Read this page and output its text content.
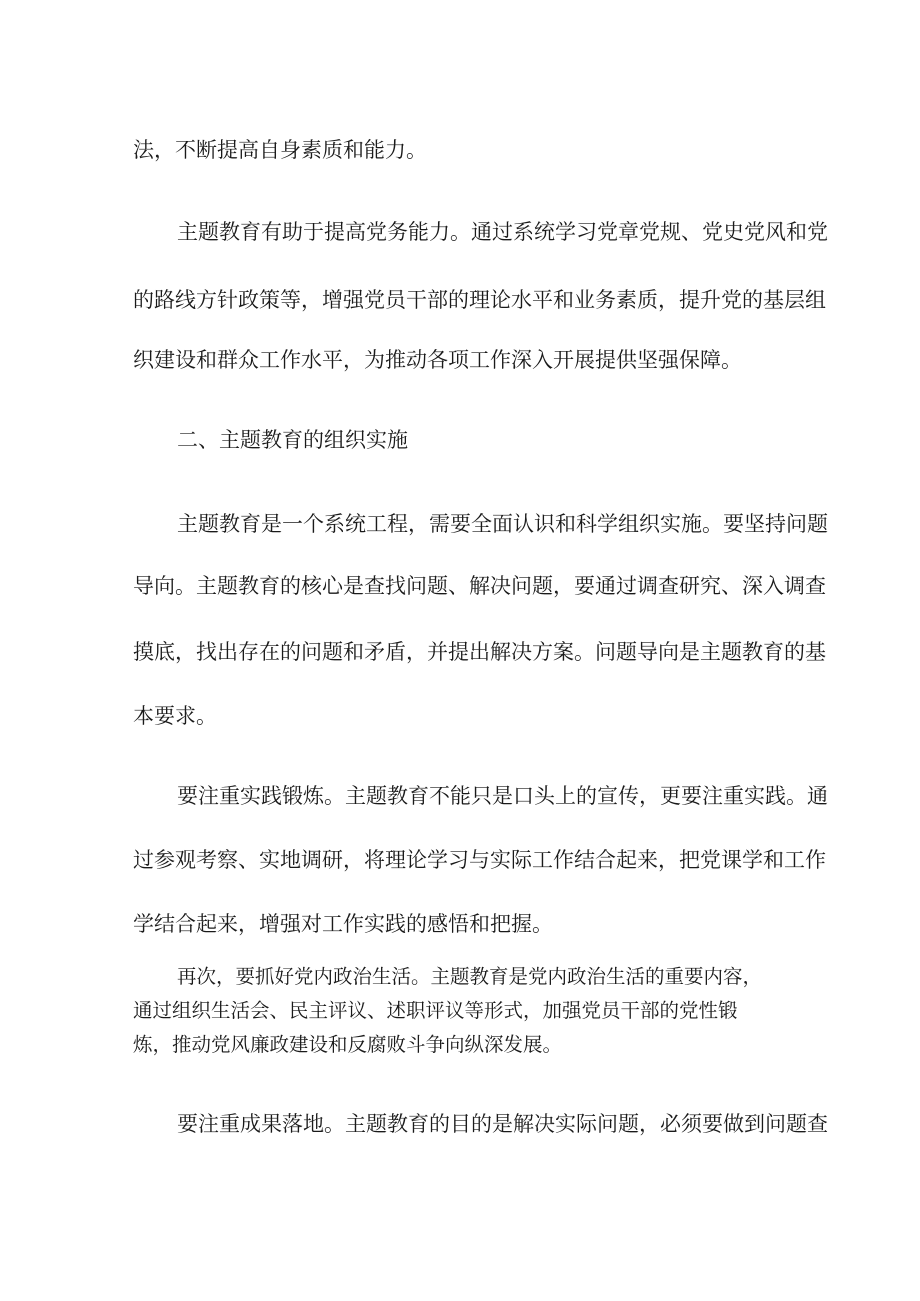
法，不断提高自身素质和能力。
主题教育有助于提高党务能力。通过系统学习党章党规、党史党风和党
的路线方针政策等，增强党员干部的理论水平和业务素质，提升党的基层组
织建设和群众工作水平，为推动各项工作深入开展提供坚强保障。
二、主题教育的组织实施
主题教育是一个系统工程，需要全面认识和科学组织实施。要坚持问题
导向。主题教育的核心是查找问题、解决问题，要通过调查研究、深入调查
摸底，找出存在的问题和矛盾，并提出解决方案。问题导向是主题教育的基
本要求。
要注重实践锻炼。主题教育不能只是口头上的宣传，更要注重实践。通
过参观考察、实地调研，将理论学习与实际工作结合起来，把党课学和工作
学结合起来，增强对工作实践的感悟和把握。
再次，要抓好党内政治生活。主题教育是党内政治生活的重要内容，
通过组织生活会、民主评议、述职评议等形式，加强党员干部的党性锻
炼，推动党风廉政建设和反腐败斗争向纵深发展。
要注重成果落地。主题教育的目的是解决实际问题，必须要做到问题查
